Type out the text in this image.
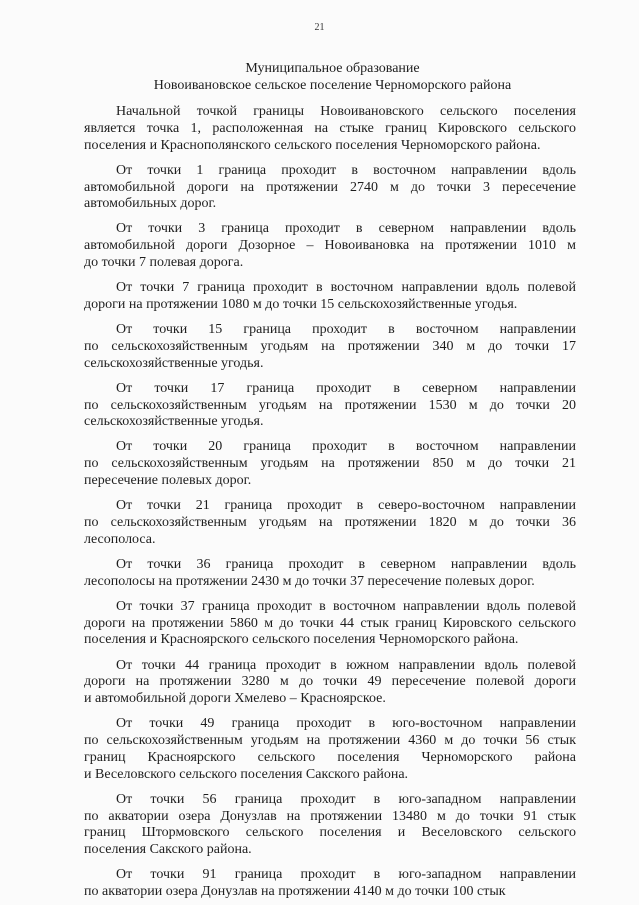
21
Муниципальное образование
Новоивановское сельское поселение Черноморского района

Начальной точкой границы Новоивановского сельского поселения
является точка 1, расположенная на стыке границ Кировского сельского
поселения и Краснополянского сельского поселения Черноморского района.

От точки 1 граница проходит в восточном направлении вдоль
автомобильной дороги на протяжении 2740 м до точки 3 пересечение
автомобильных дорог.

От точки 3 граница проходит в северном направлении вдоль
автомобильной дороги Дозорное – Новоивановка на протяжении 1010 м
до точки 7 полевая дорога.

От точки 7 граница проходит в восточном направлении вдоль полевой
дороги на протяжении 1080 м до точки 15 сельскохозяйственные угодья.

От точки 15 граница проходит в восточном направлении
по сельскохозяйственным угодьям на протяжении 340 м до точки 17
сельскохозяйственные угодья.

От точки 17 граница проходит в северном направлении
по сельскохозяйственным угодьям на протяжении 1530 м до точки 20
сельскохозяйственные угодья.

От точки 20 граница проходит в восточном направлении
по сельскохозяйственным угодьям на протяжении 850 м до точки 21
пересечение полевых дорог.

От точки 21 граница проходит в северо-восточном направлении
по сельскохозяйственным угодьям на протяжении 1820 м до точки 36
лесополоса.

От точки 36 граница проходит в северном направлении вдоль
лесополосы на протяжении 2430 м до точки 37 пересечение полевых дорог.

От точки 37 граница проходит в восточном направлении вдоль полевой
дороги на протяжении 5860 м до точки 44 стык границ Кировского сельского
поселения и Красноярского сельского поселения Черноморского района.

От точки 44 граница проходит в южном направлении вдоль полевой
дороги на протяжении 3280 м до точки 49 пересечение полевой дороги
и автомобильной дороги Хмелево – Красноярское.

От точки 49 граница проходит в юго-восточном направлении
по сельскохозяйственным угодьям на протяжении 4360 м до точки 56 стык
границ Красноярского сельского поселения Черноморского района
и Веселовского сельского поселения Сакского района.

От точки 56 граница проходит в юго-западном направлении
по акватории озера Донузлав на протяжении 13480 м до точки 91 стык
границ Штормовского сельского поселения и Веселовского сельского
поселения Сакского района.

От точки 91 граница проходит в юго-западном направлении
по акватории озера Донузлав на протяжении 4140 м до точки 100 стык
